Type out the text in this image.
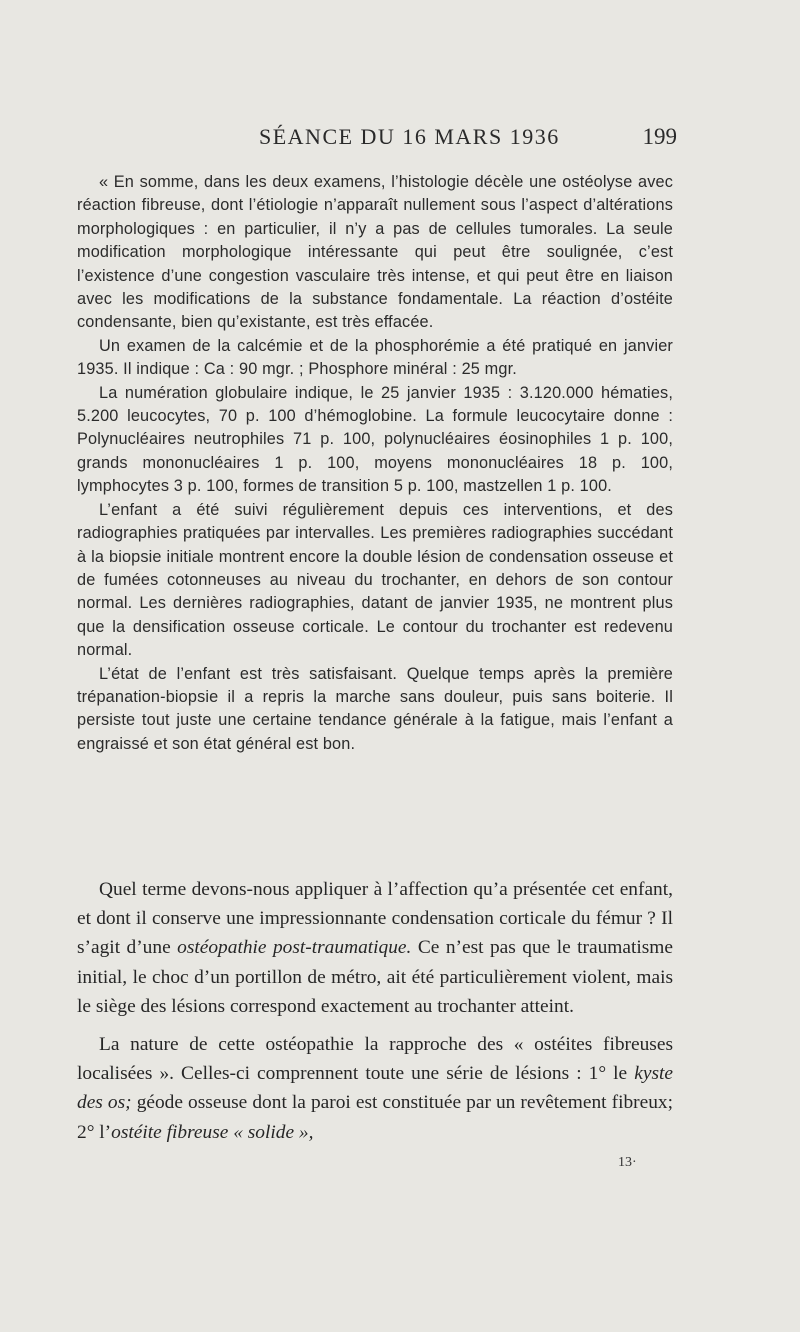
SÉANCE DU 16 MARS 1936	199

« En somme, dans les deux examens, l’histologie décèle une ostéolyse avec réaction fibreuse, dont l’étiologie n’apparaît nullement sous l’aspect d’altérations morphologiques : en particulier, il n’y a pas de cellules tumorales. La seule modification morphologique intéressante qui peut être soulignée, c’est l’existence d’une congestion vasculaire très intense, et qui peut être en liaison avec les modifications de la substance fondamentale. La réaction d’ostéite condensante, bien qu’existante, est très effacée.

Un examen de la calcémie et de la phosphorémie a été pratiqué en janvier 1935. Il indique : Ca : 90 mgr. ; Phosphore minéral : 25 mgr.

La numération globulaire indique, le 25 janvier 1935 : 3.120.000 hématies, 5.200 leucocytes, 70 p. 100 d’hémoglobine. La formule leucocytaire donne : Polynucléaires neutrophiles 71 p. 100, polynucléaires éosinophiles 1 p. 100, grands mononucléaires 1 p. 100, moyens mononucléaires 18 p. 100, lymphocytes 3 p. 100, formes de transition 5 p. 100, mastzellen 1 p. 100.

L’enfant a été suivi régulièrement depuis ces interventions, et des radiographies pratiquées par intervalles. Les premières radiographies succédant à la biopsie initiale montrent encore la double lésion de condensation osseuse et de fumées cotonneuses au niveau du trochanter, en dehors de son contour normal. Les dernières radiographies, datant de janvier 1935, ne montrent plus que la densification osseuse corticale. Le contour du trochanter est redevenu normal.

L’état de l’enfant est très satisfaisant. Quelque temps après la première trépanation-biopsie il a repris la marche sans douleur, puis sans boiterie. Il persiste tout juste une certaine tendance générale à la fatigue, mais l’enfant a engraissé et son état général est bon.

Quel terme devons-nous appliquer à l’affection qu’a présentée cet enfant, et dont il conserve une impressionnante condensation corticale du fémur ? Il s’agit d’une ostéopathie post-traumatique. Ce n’est pas que le traumatisme initial, le choc d’un portillon de métro, ait été particulièrement violent, mais le siège des lésions correspond exactement au trochanter atteint.

La nature de cette ostéopathie la rapproche des « ostéites fibreuses localisées ». Celles-ci comprennent toute une série de lésions : 1° le kyste des os; géode osseuse dont la paroi est constituée par un revêtement fibreux; 2° l’ostéite fibreuse « solide »,

13·
